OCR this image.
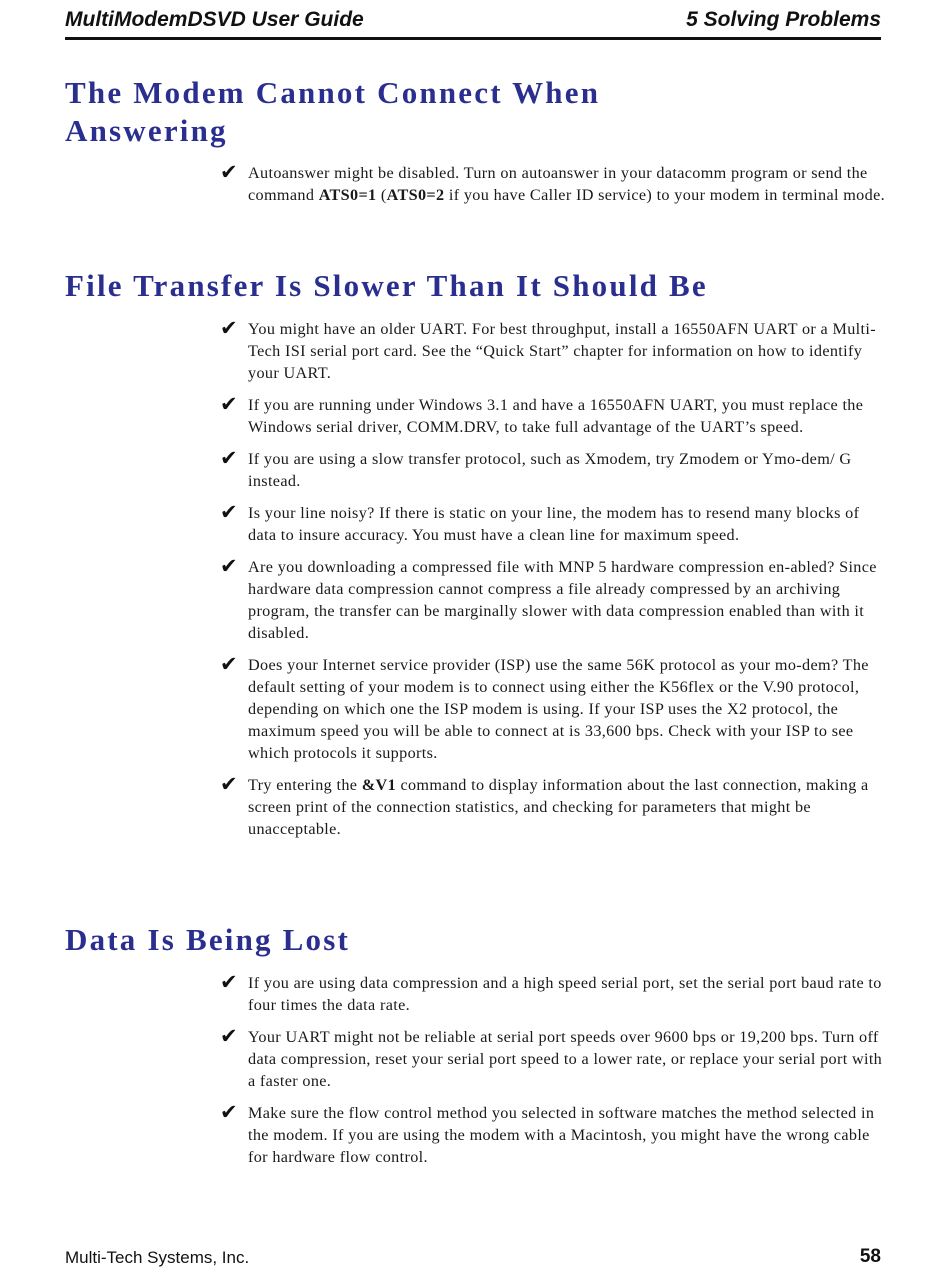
MultiModemDSVD User Guide	5 Solving Problems
The Modem Cannot Connect When
Answering
✔ Autoanswer might be disabled. Turn on autoanswer in your datacomm program or send the command ATS0=1 (ATS0=2 if you have Caller ID service) to your modem in terminal mode.
File Transfer Is Slower Than It Should Be
✔ You might have an older UART. For best throughput, install a 16550AFN UART or a Multi-Tech ISI serial port card. See the “Quick Start” chapter for information on how to identify your UART.
✔ If you are running under Windows 3.1 and have a 16550AFN UART, you must replace the Windows serial driver, COMM.DRV, to take full advantage of the UART’s speed.
✔ If you are using a slow transfer protocol, such as Xmodem, try Zmodem or Ymo-dem/ G instead.
✔ Is your line noisy? If there is static on your line, the modem has to resend many blocks of data to insure accuracy. You must have a clean line for maximum speed.
✔ Are you downloading a compressed file with MNP 5 hardware compression en-abled? Since hardware data compression cannot compress a file already compressed by an archiving program, the transfer can be marginally slower with data compression enabled than with it disabled.
✔ Does your Internet service provider (ISP) use the same 56K protocol as your mo-dem? The default setting of your modem is to connect using either the K56flex or the V.90 protocol, depending on which one the ISP modem is using. If your ISP uses the X2 protocol, the maximum speed you will be able to connect at is 33,600 bps. Check with your ISP to see which protocols it supports.
✔ Try entering the &V1 command to display information about the last connection, making a screen print of the connection statistics, and checking for parameters that might be unacceptable.
Data Is Being Lost
✔ If you are using data compression and a high speed serial port, set the serial port baud rate to four times the data rate.
✔ Your UART might not be reliable at serial port speeds over 9600 bps or 19,200 bps. Turn off data compression, reset your serial port speed to a lower rate, or replace your serial port with a faster one.
✔ Make sure the flow control method you selected in software matches the method selected in the modem. If you are using the modem with a Macintosh, you might have the wrong cable for hardware flow control.
Multi-Tech Systems, Inc.	58
